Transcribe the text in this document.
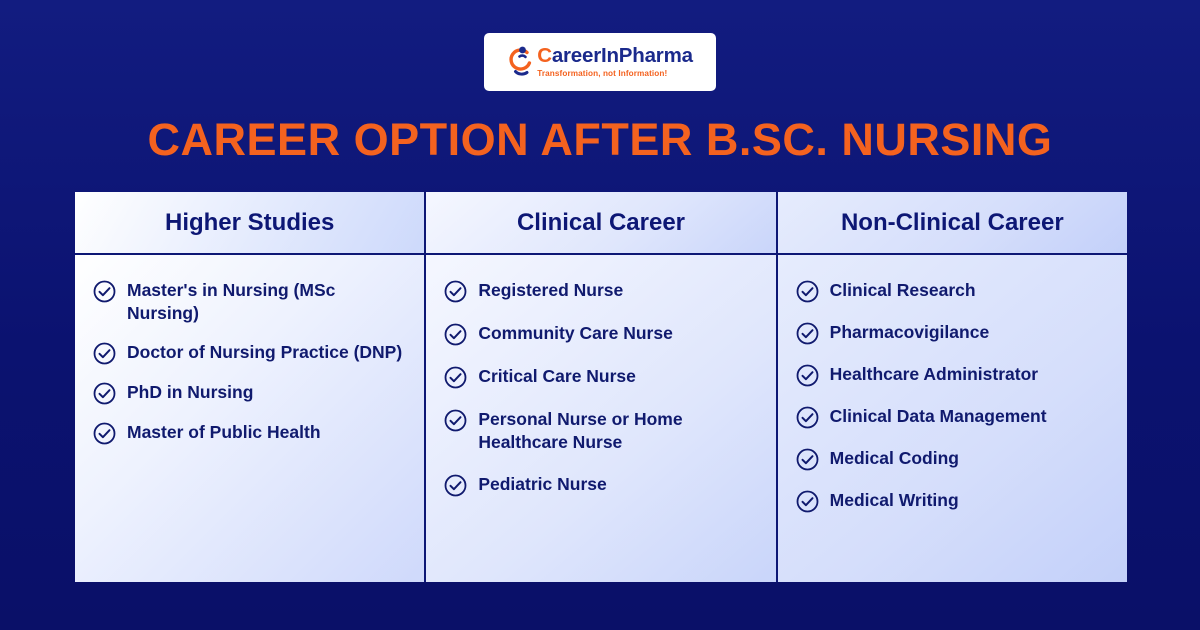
CareerInPharma
Transformation, not Information!
CAREER OPTION AFTER B.SC. NURSING
Higher Studies
Master's in Nursing (MSc Nursing)
Doctor of Nursing Practice (DNP)
PhD in Nursing
Master of Public Health
Clinical Career
Registered Nurse
Community Care Nurse
Critical Care Nurse
Personal Nurse or Home Healthcare Nurse
Pediatric Nurse
Non-Clinical Career
Clinical Research
Pharmacovigilance
Healthcare Administrator
Clinical Data Management
Medical Coding
Medical Writing
